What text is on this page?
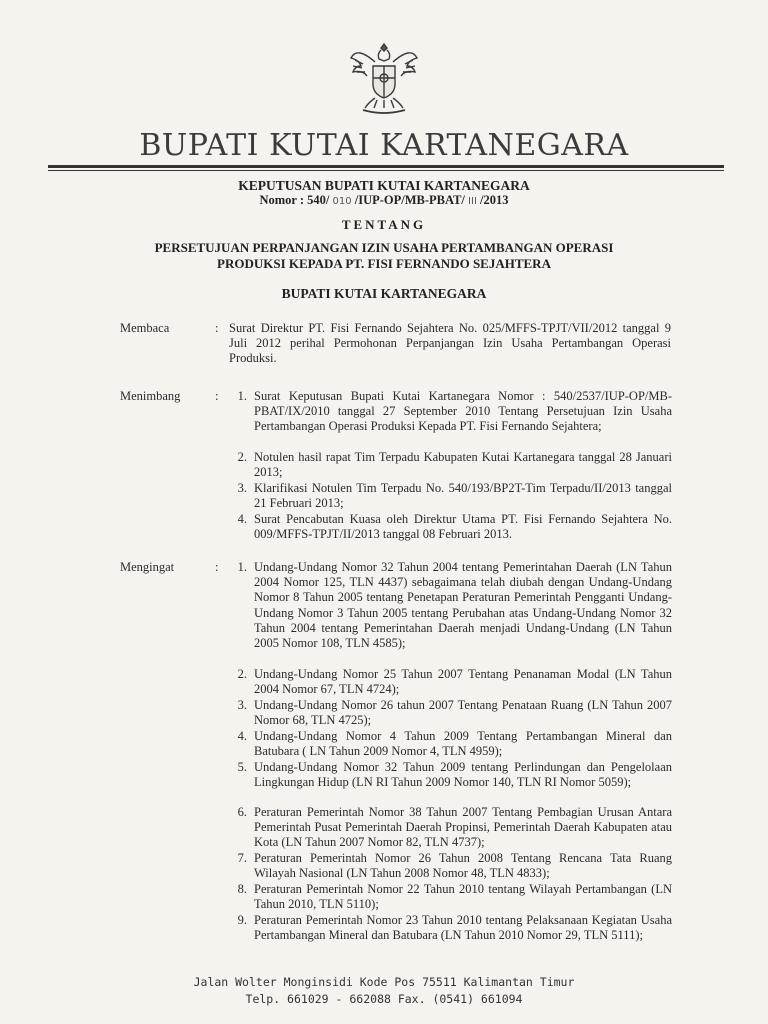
BUPATI KUTAI KARTANEGARA
KEPUTUSAN BUPATI KUTAI KARTANEGARA
Nomor : 540/ 010 /IUP-OP/MB-PBAT/ III /2013
TENTANG
PERSETUJUAN PERPANJANGAN IZIN USAHA PERTAMBANGAN OPERASI
PRODUKSI KEPADA PT. FISI FERNANDO SEJAHTERA
BUPATI KUTAI KARTANEGARA
Membaca	: Surat Direktur PT. Fisi Fernando Sejahtera No. 025/MFFS-TPJT/VII/2012 tanggal 9 Juli 2012 perihal Permohonan Perpanjangan Izin Usaha Pertambangan Operasi Produksi.
Menimbang	:	1. Surat Keputusan Bupati Kutai Kartanegara Nomor : 540/2537/IUP-OP/MB-PBAT/IX/2010 tanggal 27 September 2010 Tentang Persetujuan Izin Usaha Pertambangan Operasi Produksi Kepada PT. Fisi Fernando Sejahtera;
2. Notulen hasil rapat Tim Terpadu Kabupaten Kutai Kartanegara tanggal 28 Januari 2013;
3. Klarifikasi Notulen Tim Terpadu No. 540/193/BP2T-Tim Terpadu/II/2013 tanggal 21 Februari 2013;
4. Surat Pencabutan Kuasa oleh Direktur Utama PT. Fisi Fernando Sejahtera No. 009/MFFS-TPJT/II/2013 tanggal 08 Februari 2013.
Mengingat	:	1. Undang-Undang Nomor 32 Tahun 2004 tentang Pemerintahan Daerah (LN Tahun 2004 Nomor 125, TLN 4437) sebagaimana telah diubah dengan Undang-Undang Nomor 8 Tahun 2005 tentang Penetapan Peraturan Pemerintah Pengganti Undang-Undang Nomor 3 Tahun 2005 tentang Perubahan atas Undang-Undang Nomor 32 Tahun 2004 tentang Pemerintahan Daerah menjadi Undang-Undang (LN Tahun 2005 Nomor 108, TLN 4585);
2. Undang-Undang Nomor 25 Tahun 2007 Tentang Penanaman Modal (LN Tahun 2004 Nomor 67, TLN 4724);
3. Undang-Undang Nomor 26 tahun 2007 Tentang Penataan Ruang (LN Tahun 2007 Nomor 68, TLN 4725);
4. Undang-Undang Nomor 4 Tahun 2009 Tentang Pertambangan Mineral dan Batubara ( LN Tahun 2009 Nomor 4, TLN 4959);
5. Undang-Undang Nomor 32 Tahun 2009 tentang Perlindungan dan Pengelolaan Lingkungan Hidup (LN RI Tahun 2009 Nomor 140, TLN RI Nomor 5059);
6. Peraturan Pemerintah Nomor 38 Tahun 2007 Tentang Pembagian Urusan Antara Pemerintah Pusat Pemerintah Daerah Propinsi, Pemerintah Daerah Kabupaten atau Kota (LN Tahun 2007 Nomor 82, TLN 4737);
7. Peraturan Pemerintah Nomor 26 Tahun 2008 Tentang Rencana Tata Ruang Wilayah Nasional (LN Tahun 2008 Nomor 48, TLN 4833);
8. Peraturan Pemerintah Nomor 22 Tahun 2010 tentang Wilayah Pertambangan (LN Tahun 2010, TLN 5110);
9. Peraturan Pemerintah Nomor 23 Tahun 2010 tentang Pelaksanaan Kegiatan Usaha Pertambangan Mineral dan Batubara (LN Tahun 2010 Nomor 29, TLN 5111);
Jalan Wolter Monginsidi Kode Pos 75511 Kalimantan Timur
Telp. 661029 - 662088 Fax. (0541) 661094
